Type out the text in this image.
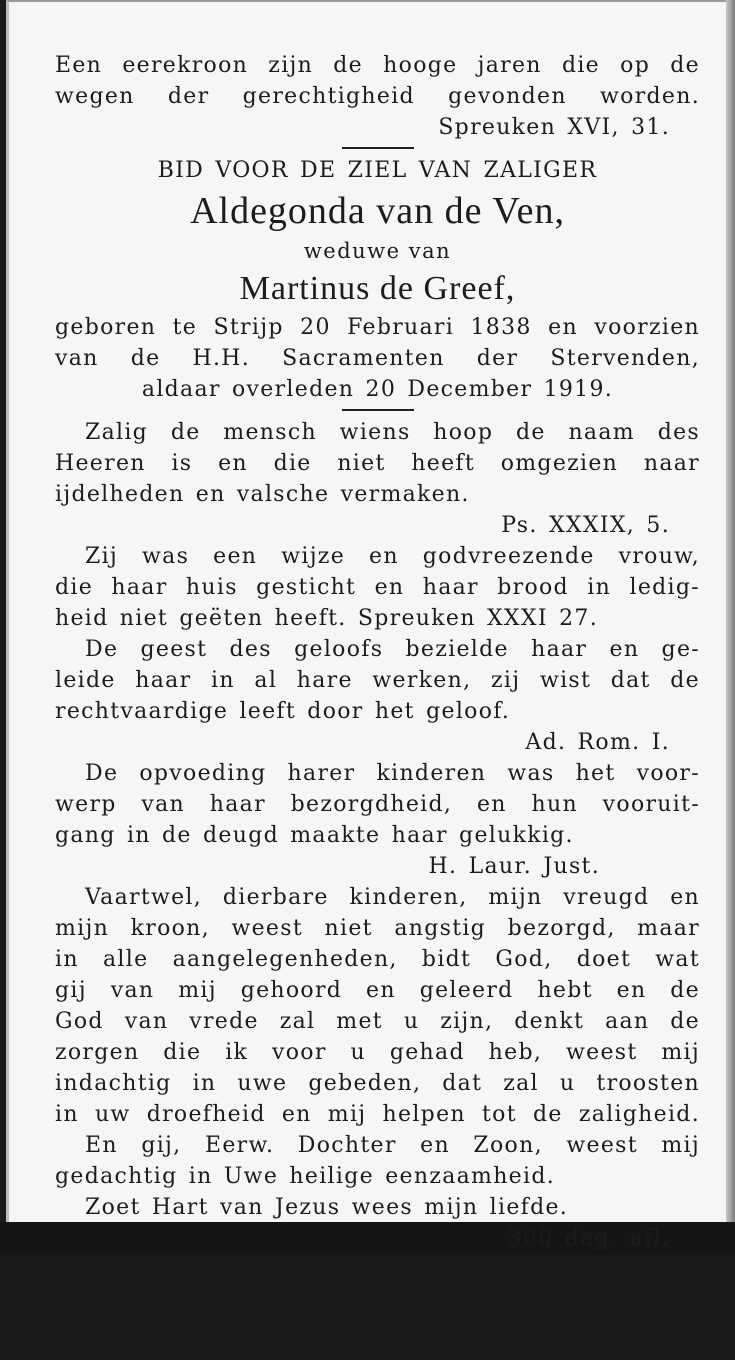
Een eerekroon zijn de hooge jaren die op de
wegen der gerechtigheid gevonden worden.
Spreuken XVI, 31.
BID VOOR DE ZIEL VAN ZALIGER
Aldegonda van de Ven,
weduwe van
Martinus de Greef,
geboren te Strijp 20 Februari 1838 en voorzien
van de H.H. Sacramenten der Stervenden,
aldaar overleden 20 December 1919.
Zalig de mensch wiens hoop de naam des
Heeren is en die niet heeft omgezien naar
ijdelheden en valsche vermaken.
Ps. XXXIX, 5.
Zij was een wijze en godvreezende vrouw,
die haar huis gesticht en haar brood in ledig-
heid niet geëten heeft. Spreuken XXXI 27.
De geest des geloofs bezielde haar en ge-
leide haar in al hare werken, zij wist dat de
rechtvaardige leeft door het geloof.
Ad. Rom. I.
De opvoeding harer kinderen was het voor-
werp van haar bezorgdheid, en hun vooruit-
gang in de deugd maakte haar gelukkig.
H. Laur. Just.
Vaartwel, dierbare kinderen, mijn vreugd en
mijn kroon, weest niet angstig bezorgd, maar
in alle aangelegenheden, bidt God, doet wat
gij van mij gehoord en geleerd hebt en de
God van vrede zal met u zijn, denkt aan de
zorgen die ik voor u gehad heb, weest mij
indachtig in uwe gebeden, dat zal u troosten
in uw droefheid en mij helpen tot de zaligheid.
En gij, Eerw. Dochter en Zoon, weest mij
gedachtig in Uwe heilige eenzaamheid.
Zoet Hart van Jezus wees mijn liefde.
300 dag. afl.
Zoet Hart van Maria wees mijn zaligheid.
300 dag. afl.
R. I. P.
